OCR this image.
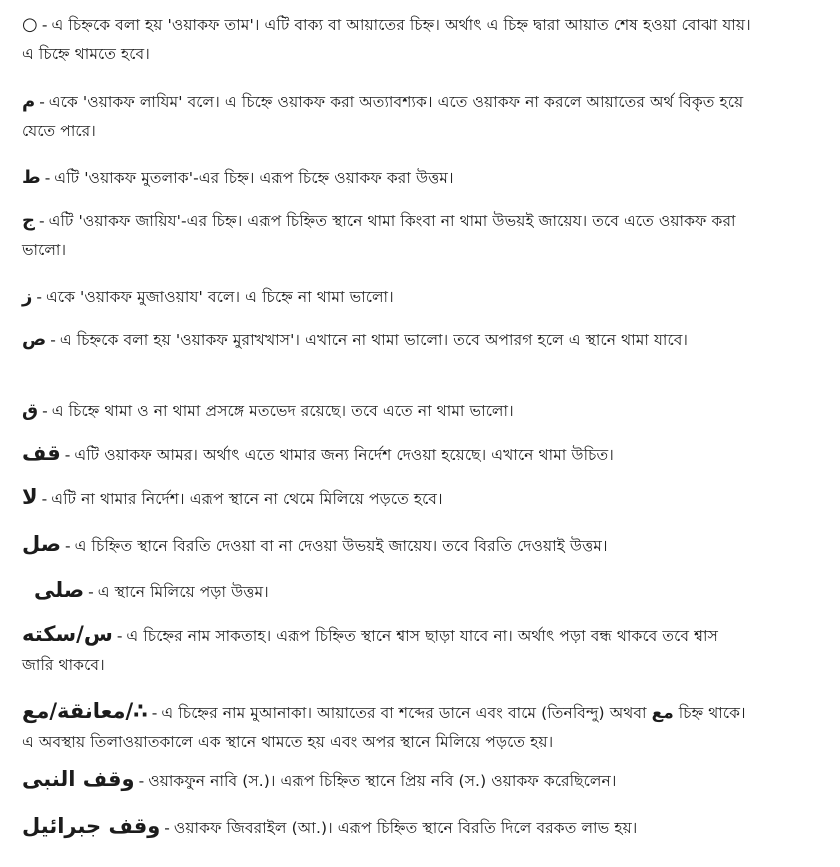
○ - এ চিহ্নকে বলা হয় 'ওয়াকফ তাম'। এটি বাক্য বা আয়াতের চিহ্ন। অর্থাৎ এ চিহ্ন দ্বারা আয়াত শেষ হওয়া বোঝা যায়। এ চিহ্নে থামতে হবে।
م - একে 'ওয়াকফ লাযিম' বলে। এ চিহ্নে ওয়াকফ করা অত্যাবশ্যক। এতে ওয়াকফ না করলে আয়াতের অর্থ বিকৃত হয়ে যেতে পারে।
ط - এটি 'ওয়াকফ মুতলাক'-এর চিহ্ন। এরূপ চিহ্নে ওয়াকফ করা উত্তম।
ج - এটি 'ওয়াকফ জায়িয'-এর চিহ্ন। এরূপ চিহ্নিত স্থানে থামা কিংবা না থামা উভয়ই জায়েয। তবে এতে ওয়াকফ করা ভালো।
ز - একে 'ওয়াকফ মুজাওয়ায' বলে। এ চিহ্নে না থামা ভালো।
ص - এ চিহ্নকে বলা হয় 'ওয়াকফ মুরাখখাস'। এখানে না থামা ভালো। তবে অপারগ হলে এ স্থানে থামা যাবে।
ق - এ চিহ্নে থামা ও না থামা প্রসঙ্গে মতভেদ রয়েছে। তবে এতে না থামা ভালো।
قف - এটি ওয়াকফ আমর। অর্থাৎ এতে থামার জন্য নির্দেশ দেওয়া হয়েছে। এখানে থামা উচিত।
لا - এটি না থামার নির্দেশ। এরূপ স্থানে না থেমে মিলিয়ে পড়তে হবে।
صل - এ চিহ্নিত স্থানে বিরতি দেওয়া বা না দেওয়া উভয়ই জায়েয। তবে বিরতি দেওয়াই উত্তম।
صلى - এ স্থানে মিলিয়ে পড়া উত্তম।
س/سكته - এ চিহ্নের নাম সাকতাহ। এরূপ চিহ্নিত স্থানে শ্বাস ছাড়া যাবে না। অর্থাৎ পড়া বন্ধ থাকবে তবে শ্বাস জারি থাকবে।
معانقة/مع/∴ - এ চিহ্নের নাম মুআনাকা। আয়াতের বা শব্দের ডানে এবং বামে (তিনবিন্দু) অথবা مع চিহ্ন থাকে। এ অবস্থায় তিলাওয়াতকালে এক স্থানে থামতে হয় এবং অপর স্থানে মিলিয়ে পড়তে হয়।
وقف النبى - ওয়াকফুন নাবি (স.)। এরূপ চিহ্নিত স্থানে প্রিয় নবি (স.) ওয়াকফ করেছিলেন।
وقف جبرائيل - ওয়াকফ জিবরাইল (আ.)। এরূপ চিহ্নিত স্থানে বিরতি দিলে বরকত লাভ হয়।
